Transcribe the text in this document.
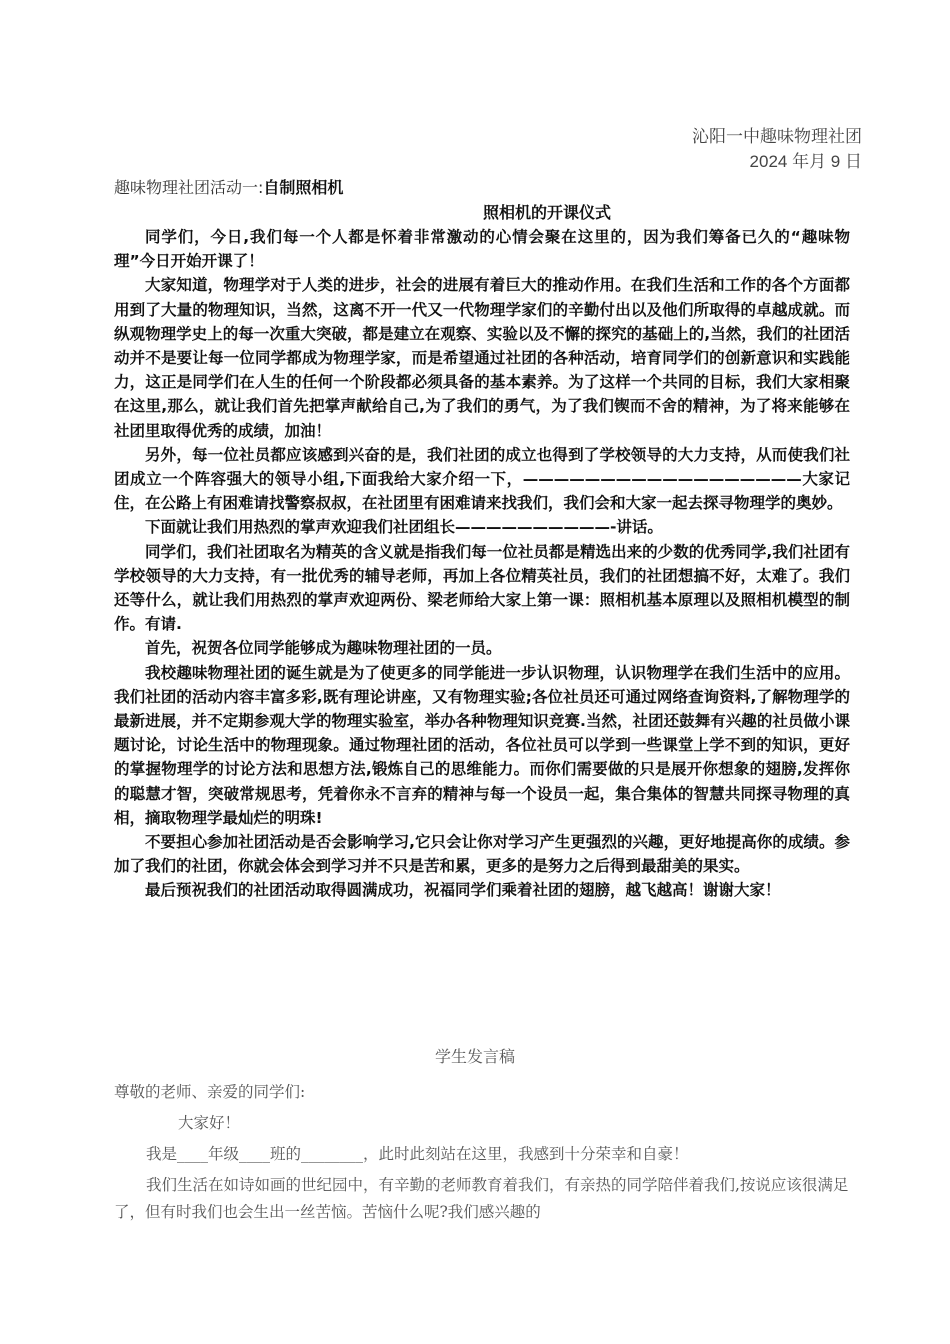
沁阳一中趣味物理社团
2024 年月 9 日
趣味物理社团活动一:自制照相机
照相机的开课仪式

同学们，今日,我们每一个人都是怀着非常激动的心情会聚在这里的，因为我们筹备已久的“趣味物理”今日开始开课了！

大家知道，物理学对于人类的进步，社会的进展有着巨大的推动作用。在我们生活和工作的各个方面都用到了大量的物理知识，当然，这离不开一代又一代物理学家们的辛勤付出以及他们所取得的卓越成就。而纵观物理学史上的每一次重大突破，都是建立在观察、实验以及不懈的探究的基础上的,当然，我们的社团活动并不是要让每一位同学都成为物理学家，而是希望通过社团的各种活动，培育同学们的创新意识和实践能力，这正是同学们在人生的任何一个阶段都必须具备的基本素养。为了这样一个共同的目标，我们大家相聚在这里,那么，就让我们首先把掌声献给自己,为了我们的勇气，为了我们锲而不舍的精神，为了将来能够在社团里取得优秀的成绩，加油！

另外，每一位社员都应该感到兴奋的是，我们社团的成立也得到了学校领导的大力支持，从而使我们社团成立一个阵容强大的领导小组,下面我给大家介绍一下，——————————————————大家记住，在公路上有困难请找警察叔叔，在社团里有困难请来找我们，我们会和大家一起去探寻物理学的奥妙。

下面就让我们用热烈的掌声欢迎我们社团组长——————————-讲话。

同学们，我们社团取名为精英的含义就是指我们每一位社员都是精选出来的少数的优秀同学,我们社团有学校领导的大力支持，有一批优秀的辅导老师，再加上各位精英社员，我们的社团想搞不好，太难了。我们还等什么，就让我们用热烈的掌声欢迎两份、梁老师给大家上第一课：照相机基本原理以及照相机模型的制作。有请.

首先，祝贺各位同学能够成为趣味物理社团的一员。

我校趣味物理社团的诞生就是为了使更多的同学能进一步认识物理，认识物理学在我们生活中的应用。我们社团的活动内容丰富多彩,既有理论讲座，又有物理实验;各位社员还可通过网络查询资料,了解物理学的最新进展，并不定期参观大学的物理实验室，举办各种物理知识竞赛.当然，社团还鼓舞有兴趣的社员做小课题讨论，讨论生活中的物理现象。通过物理社团的活动，各位社员可以学到一些课堂上学不到的知识，更好的掌握物理学的讨论方法和思想方法,锻炼自己的思维能力。而你们需要做的只是展开你想象的翅膀,发挥你的聪慧才智，突破常规思考，凭着你永不言弃的精神与每一个设员一起，集合集体的智慧共同探寻物理的真相，摘取物理学最灿烂的明珠!

不要担心参加社团活动是否会影响学习,它只会让你对学习产生更强烈的兴趣，更好地提高你的成绩。参加了我们的社团，你就会体会到学习并不只是苦和累，更多的是努力之后得到最甜美的果实。

最后预祝我们的社团活动取得圆满成功，祝福同学们乘着社团的翅膀，越飞越高！谢谢大家！

学生发言稿

尊敬的老师、亲爱的同学们:

大家好！

我是____年级____班的________，此时此刻站在这里，我感到十分荣幸和自豪！

我们生活在如诗如画的世纪园中，有辛勤的老师教育着我们，有亲热的同学陪伴着我们,按说应该很满足了，但有时我们也会生出一丝苦恼。苦恼什么呢?我们感兴趣的
